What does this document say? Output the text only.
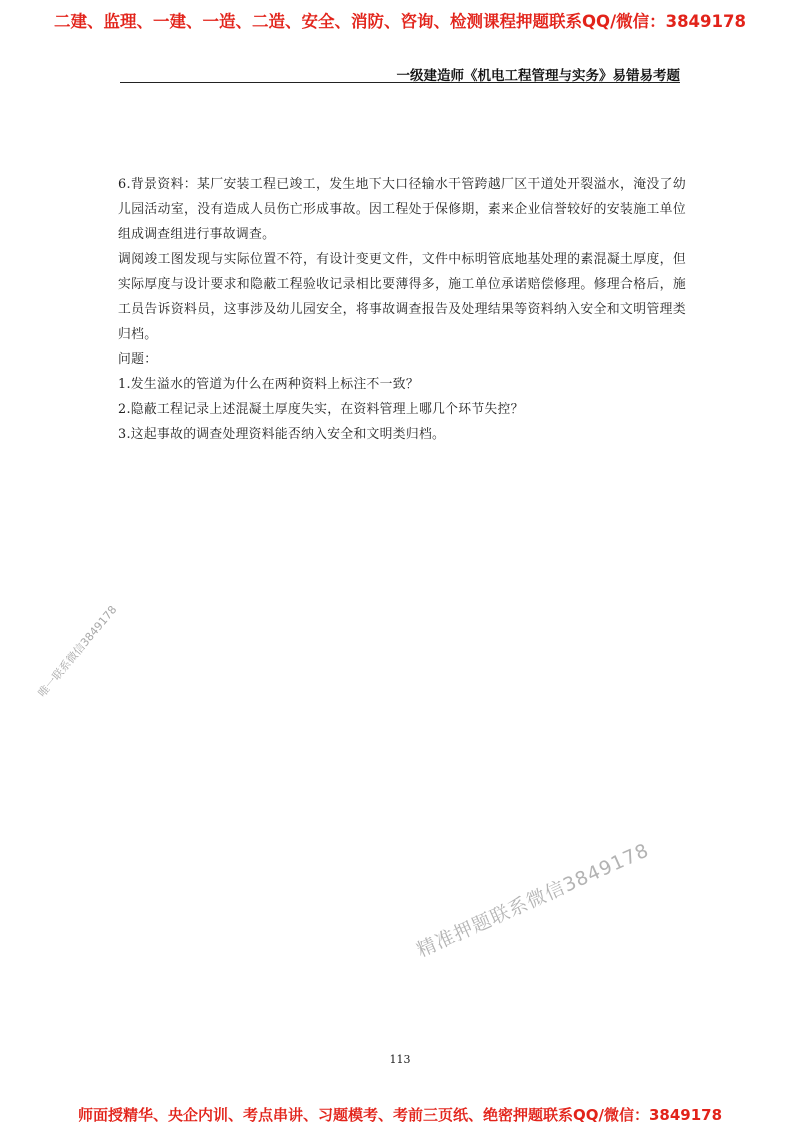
二建、监理、一建、一造、二造、安全、消防、咨询、检测课程押题联系QQ/微信：3849178
一级建造师《机电工程管理与实务》易错易考题

6.背景资料：某厂安装工程已竣工，发生地下大口径输水干管跨越厂区干道处开裂溢水，淹没了幼儿园活动室，没有造成人员伤亡形成事故。因工程处于保修期，素来企业信誉较好的安装施工单位组成调查组进行事故调查。

调阅竣工图发现与实际位置不符，有设计变更文件，文件中标明管底地基处理的素混凝土厚度，但实际厚度与设计要求和隐蔽工程验收记录相比要薄得多，施工单位承诺赔偿修理。修理合格后，施工员告诉资料员，这事涉及幼儿园安全，将事故调查报告及处理结果等资料纳入安全和文明管理类归档。

问题：

1.发生溢水的管道为什么在两种资料上标注不一致？

2.隐蔽工程记录上述混凝土厚度失实，在资料管理上哪几个环节失控？

3.这起事故的调查处理资料能否纳入安全和文明类归档。

唯一联系微信3849178
精准押题联系微信3849178
113
师面授精华、央企内训、考点串讲、习题模考、考前三页纸、绝密押题联系QQ/微信：3849178
